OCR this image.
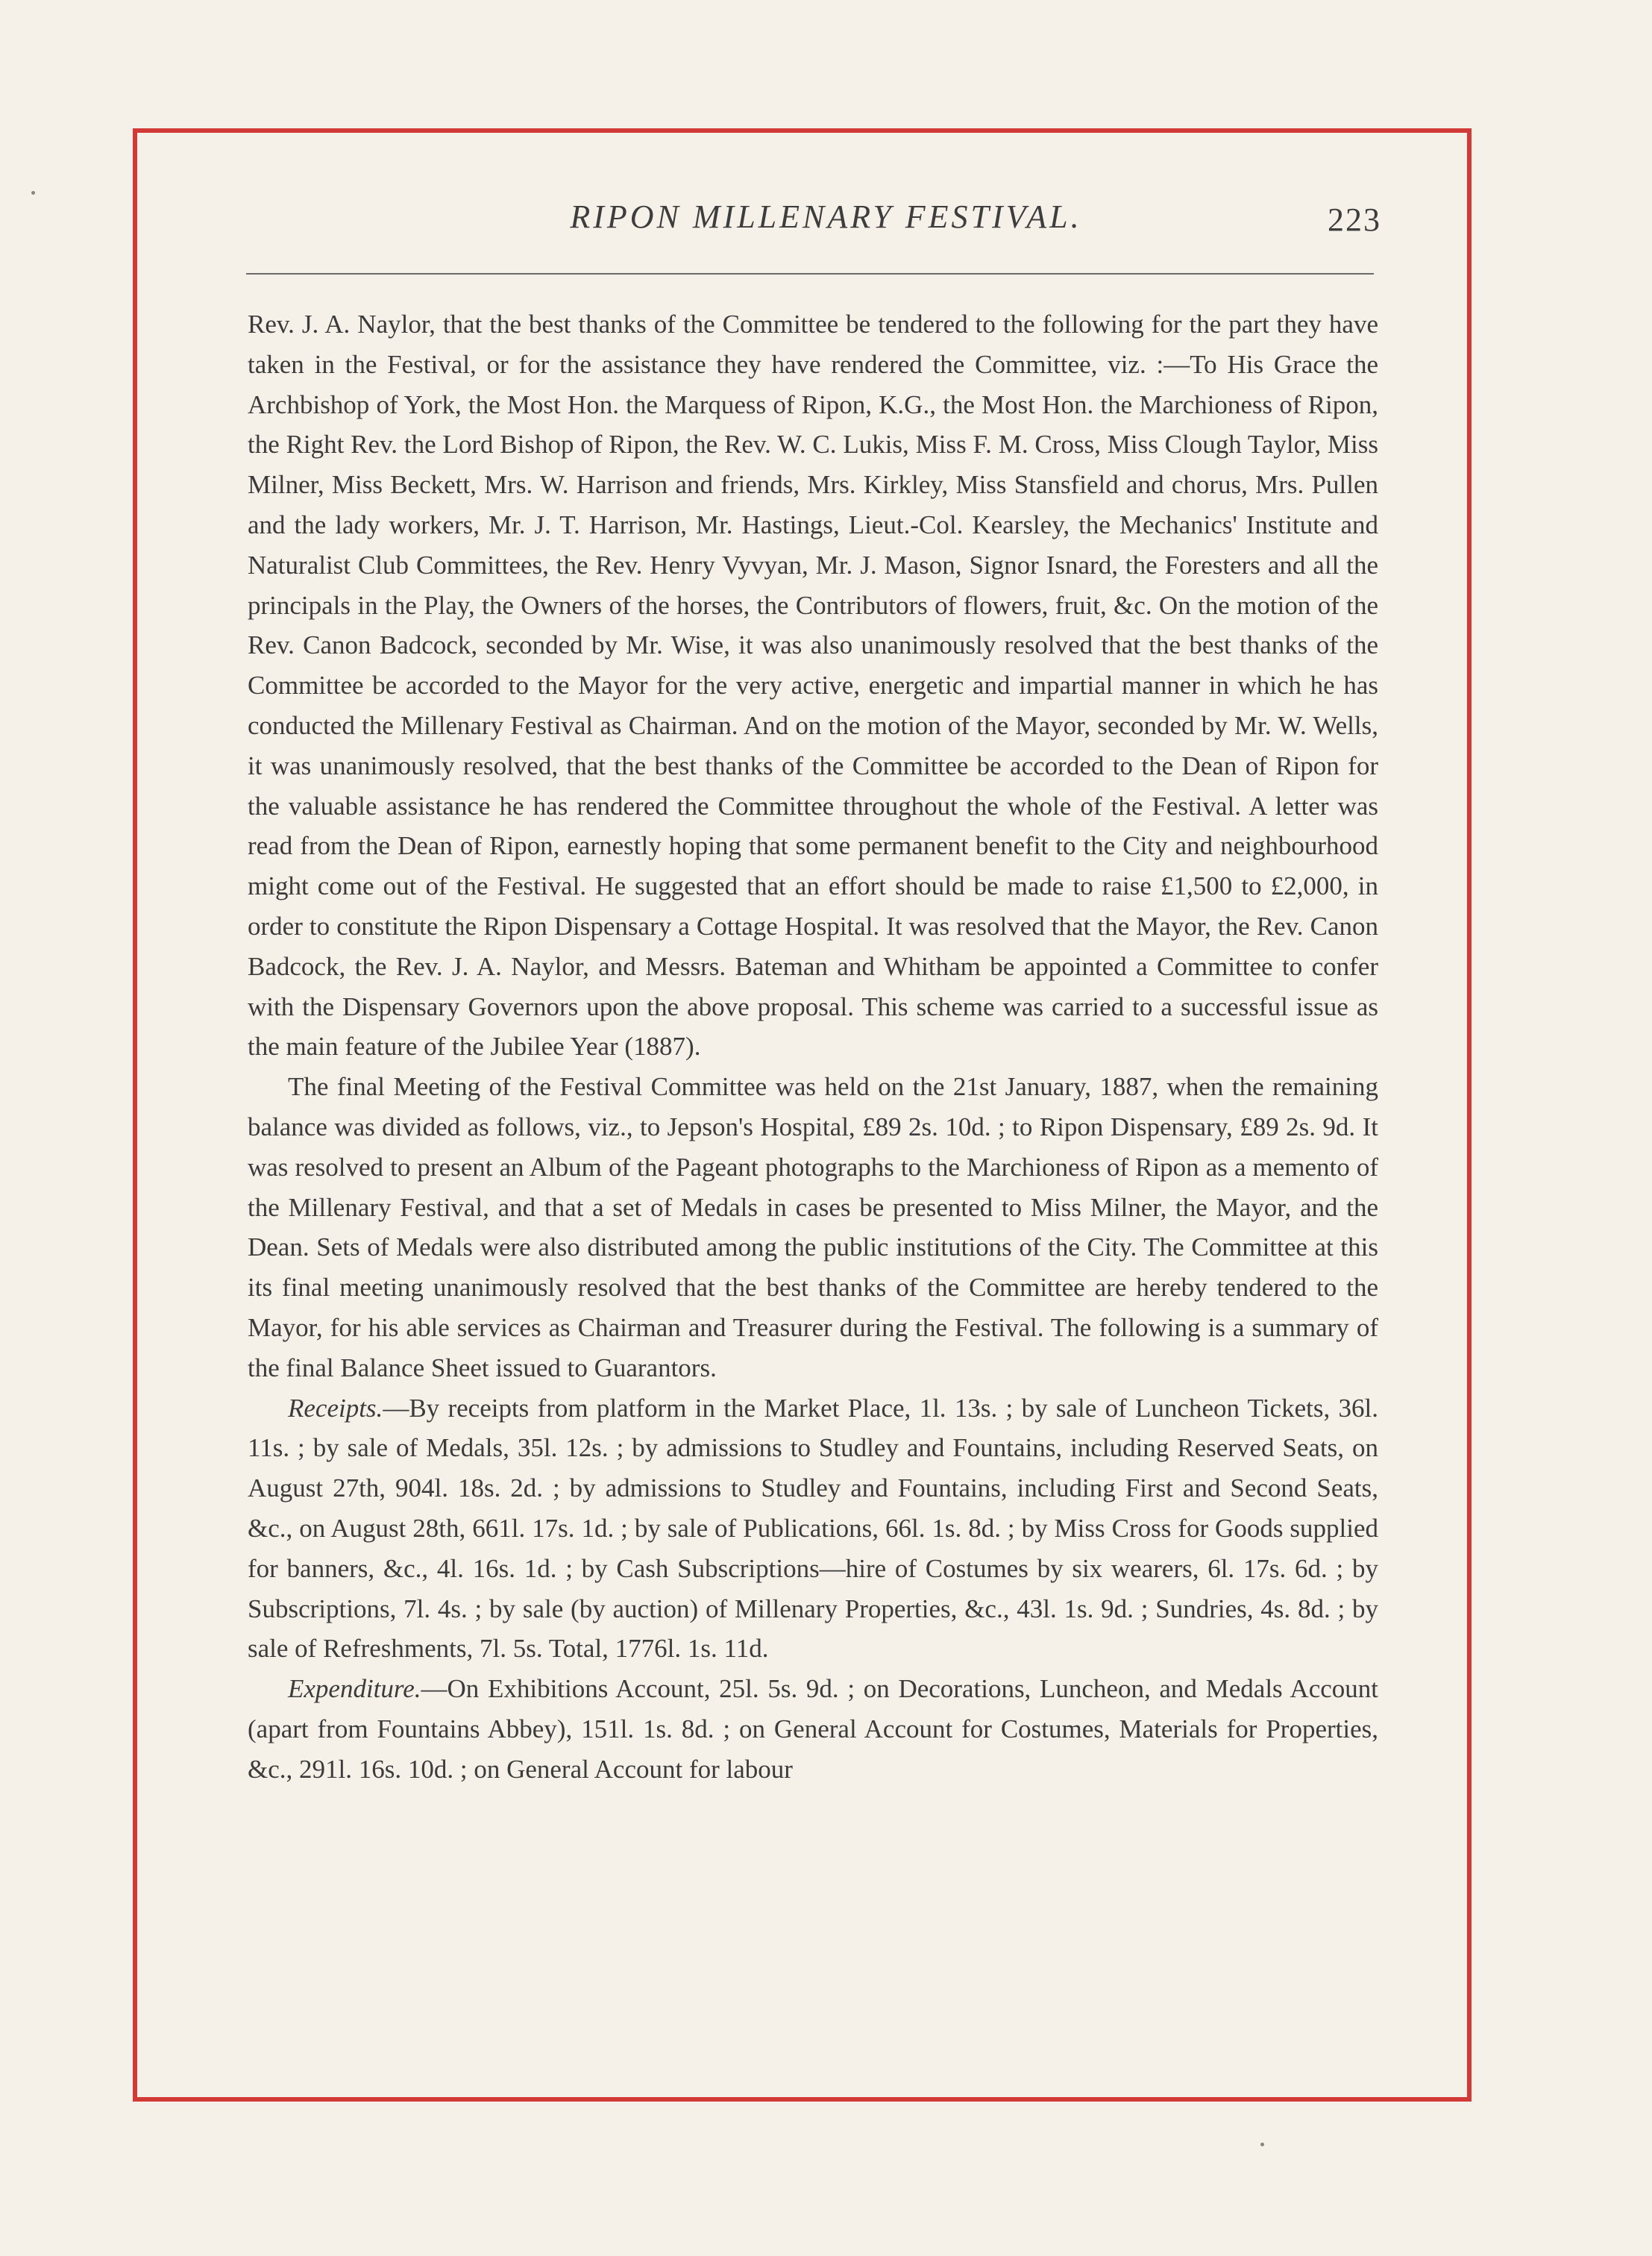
RIPON MILLENARY FESTIVAL.	223

Rev. J. A. Naylor, that the best thanks of the Committee be tendered to the following for the part they have taken in the Festival, or for the assistance they have rendered the Committee, viz. :—To His Grace the Archbishop of York, the Most Hon. the Marquess of Ripon, K.G., the Most Hon. the Marchioness of Ripon, the Right Rev. the Lord Bishop of Ripon, the Rev. W. C. Lukis, Miss F. M. Cross, Miss Clough Taylor, Miss Milner, Miss Beckett, Mrs. W. Harrison and friends, Mrs. Kirkley, Miss Stansfield and chorus, Mrs. Pullen and the lady workers, Mr. J. T. Harrison, Mr. Hastings, Lieut.-Col. Kearsley, the Mechanics' Institute and Naturalist Club Committees, the Rev. Henry Vyvyan, Mr. J. Mason, Signor Isnard, the Foresters and all the principals in the Play, the Owners of the horses, the Contributors of flowers, fruit, &c. On the motion of the Rev. Canon Badcock, seconded by Mr. Wise, it was also unanimously resolved that the best thanks of the Committee be accorded to the Mayor for the very active, energetic and impartial manner in which he has conducted the Millenary Festival as Chairman. And on the motion of the Mayor, seconded by Mr. W. Wells, it was unanimously resolved, that the best thanks of the Committee be accorded to the Dean of Ripon for the valuable assistance he has rendered the Committee throughout the whole of the Festival. A letter was read from the Dean of Ripon, earnestly hoping that some permanent benefit to the City and neighbourhood might come out of the Festival. He suggested that an effort should be made to raise £1,500 to £2,000, in order to constitute the Ripon Dispensary a Cottage Hospital. It was resolved that the Mayor, the Rev. Canon Badcock, the Rev. J. A. Naylor, and Messrs. Bateman and Whitham be appointed a Committee to confer with the Dispensary Governors upon the above proposal. This scheme was carried to a successful issue as the main feature of the Jubilee Year (1887).

The final Meeting of the Festival Committee was held on the 21st January, 1887, when the remaining balance was divided as follows, viz., to Jepson's Hospital, £89 2s. 10d. ; to Ripon Dispensary, £89 2s. 9d. It was resolved to present an Album of the Pageant photographs to the Marchioness of Ripon as a memento of the Millenary Festival, and that a set of Medals in cases be presented to Miss Milner, the Mayor, and the Dean. Sets of Medals were also distributed among the public institutions of the City. The Committee at this its final meeting unanimously resolved that the best thanks of the Committee are hereby tendered to the Mayor, for his able services as Chairman and Treasurer during the Festival. The following is a summary of the final Balance Sheet issued to Guarantors.

Receipts.—By receipts from platform in the Market Place, 1l. 13s. ; by sale of Luncheon Tickets, 36l. 11s. ; by sale of Medals, 35l. 12s. ; by admissions to Studley and Fountains, including Reserved Seats, on August 27th, 904l. 18s. 2d. ; by admissions to Studley and Fountains, including First and Second Seats, &c., on August 28th, 661l. 17s. 1d. ; by sale of Publications, 66l. 1s. 8d. ; by Miss Cross for Goods supplied for banners, &c., 4l. 16s. 1d. ; by Cash Subscriptions—hire of Costumes by six wearers, 6l. 17s. 6d. ; by Subscriptions, 7l. 4s. ; by sale (by auction) of Millenary Properties, &c., 43l. 1s. 9d. ; Sundries, 4s. 8d. ; by sale of Refreshments, 7l. 5s. Total, 1776l. 1s. 11d.

Expenditure.—On Exhibitions Account, 25l. 5s. 9d. ; on Decorations, Luncheon, and Medals Account (apart from Fountains Abbey), 151l. 1s. 8d. ; on General Account for Costumes, Materials for Properties, &c., 291l. 16s. 10d. ; on General Account for labour
